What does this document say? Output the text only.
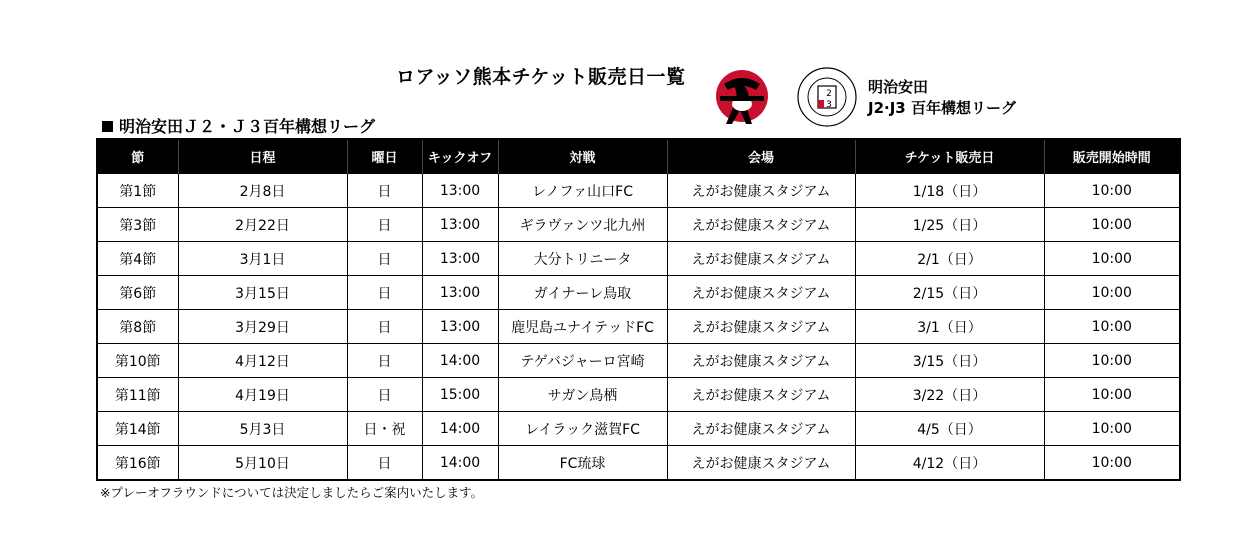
ロアッソ熊本チケット販売日一覧
2
3
明治安田
J2·J3 百年構想リーグ
明治安田Ｊ２・Ｊ３百年構想リーグ
節	日程	曜日	キックオフ	対戦	会場	チケット販売日	販売開始時間
第1節	2月8日	日	13:00	レノファ山口FC	えがお健康スタジアム	1/18（日）	10:00
第3節	2月22日	日	13:00	ギラヴァンツ北九州	えがお健康スタジアム	1/25（日）	10:00
第4節	3月1日	日	13:00	大分トリニータ	えがお健康スタジアム	2/1（日）	10:00
第6節	3月15日	日	13:00	ガイナーレ鳥取	えがお健康スタジアム	2/15（日）	10:00
第8節	3月29日	日	13:00	鹿児島ユナイテッドFC	えがお健康スタジアム	3/1（日）	10:00
第10節	4月12日	日	14:00	テゲバジャーロ宮崎	えがお健康スタジアム	3/15（日）	10:00
第11節	4月19日	日	15:00	サガン鳥栖	えがお健康スタジアム	3/22（日）	10:00
第14節	5月3日	日・祝	14:00	レイラック滋賀FC	えがお健康スタジアム	4/5（日）	10:00
第16節	5月10日	日	14:00	FC琉球	えがお健康スタジアム	4/12（日）	10:00
※プレーオフラウンドについては決定しましたらご案内いたします。
